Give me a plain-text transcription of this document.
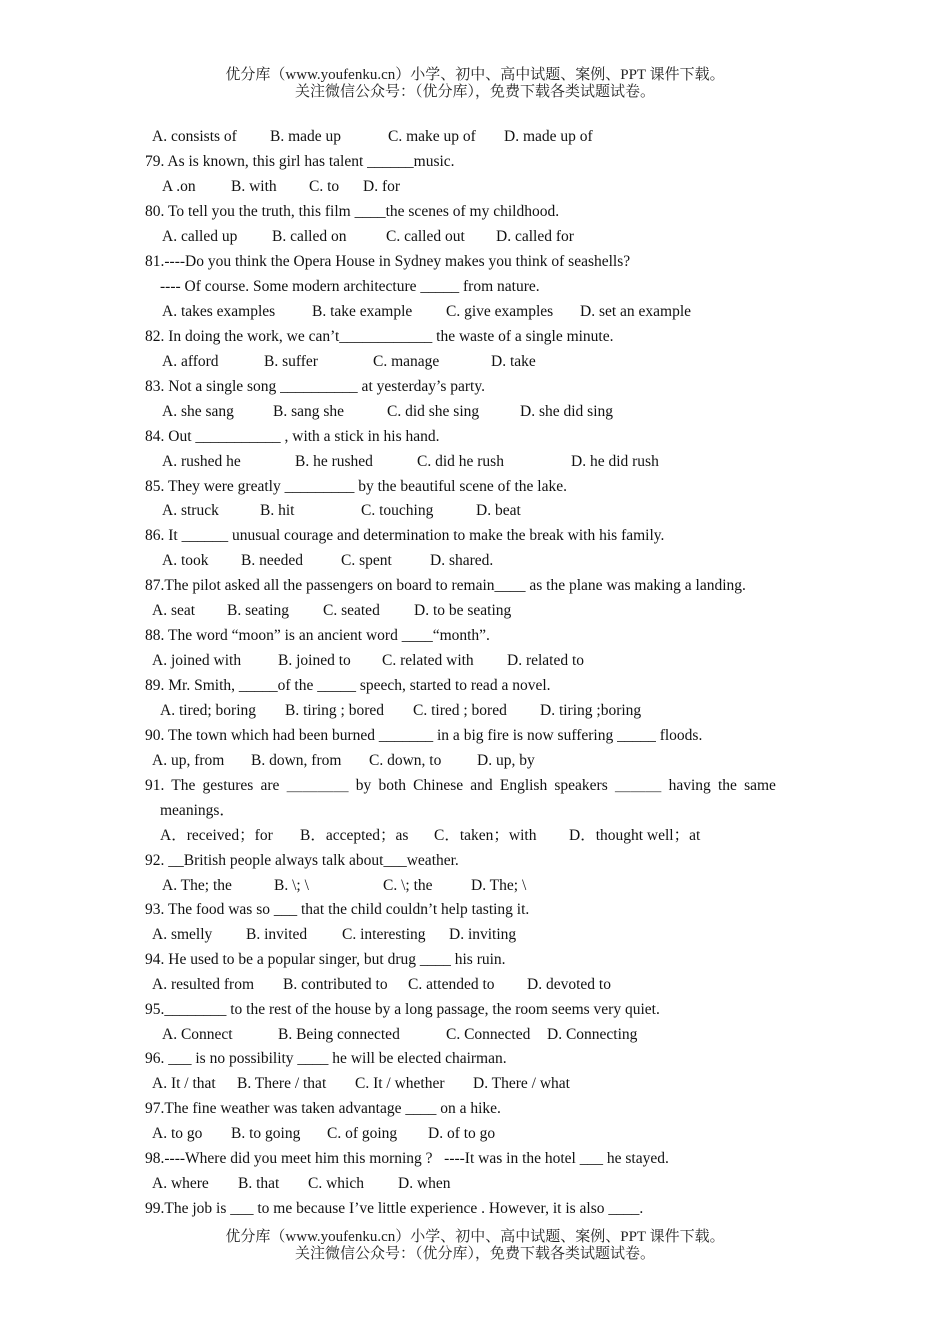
优分库（www.youfenku.cn）小学、初中、高中试题、案例、PPT 课件下载。
关注微信公众号：（优分库），免费下载各类试题试卷。
A. consists of B. made up	C. make up of D. made up of
79. As is known, this girl has talent ______music.
A .on B. with C. to D. for
80. To tell you the truth, this film ____the scenes of my childhood.
A. called up B. called on	C. called out D. called for
81.----Do you think the Opera House in Sydney makes you think of seashells?
---- Of course. Some modern architecture _____ from nature.
A. takes examples B. take example C. give examples D. set an example
82. In doing the work, we can’t____________ the waste of a single minute.
A. afford	B. suffer	C. manage	D. take
83. Not a single song __________ at yesterday’s party.
A. she sang	B. sang she	C. did she sing	D. she did sing
84. Out ___________ , with a stick in his hand.
A. rushed he	B. he rushed	C. did he rush	D. he did rush
85. They were greatly _________ by the beautiful scene of the lake.
A. struck	B. hit	C. touching	D. beat
86. It ______ unusual courage and determination to make the break with his family.
A. took B. needed C. spent D. shared.
87.The pilot asked all the passengers on board to remain____ as the plane was making a landing.
A. seat B. seating C. seated D. to be seating
88. The word “moon” is an ancient word ____“month”.
A. joined with B. joined to C. related with D. related to
89. Mr. Smith, _____of the _____ speech, started to read a novel.
A. tired; boring B. tiring ; bored C. tired ; bored D. tiring ;boring
90. The town which had been burned _______ in a big fire is now suffering _____ floods.
A. up, from B. down, from C. down, to D. up, by
91. The gestures are ＿＿＿＿ by both Chinese and English speakers ＿＿＿ having the same
meanings．
A．received；for B．accepted；as C．taken；with D．thought well；at
92. __British people always talk about___weather.
A. The; the	B. \; \	C. \; the D. The; \
93. The food was so ___ that the child couldn’t help tasting it.
A. smelly B. invited C. interesting D. inviting
94. He used to be a popular singer, but drug ____ his ruin.
A. resulted from B. contributed to C. attended to D. devoted to
95.________ to the rest of the house by a long passage, the room seems very quiet.
A. Connect	B. Being connected	C. Connected D. Connecting
96. ___ is no possibility ____ he will be elected chairman.
A. It / that B. There / that C. It / whether D. There / what
97.The fine weather was taken advantage ____ on a hike.
A. to go B. to going C. of going D. of to go
98.----Where did you meet him this morning ?   ----It was in the hotel ___ he stayed.
A. where B. that C. which D. when
99.The job is ___ to me because I’ve little experience . However, it is also ____.
优分库（www.youfenku.cn）小学、初中、高中试题、案例、PPT 课件下载。
关注微信公众号：（优分库），免费下载各类试题试卷。
